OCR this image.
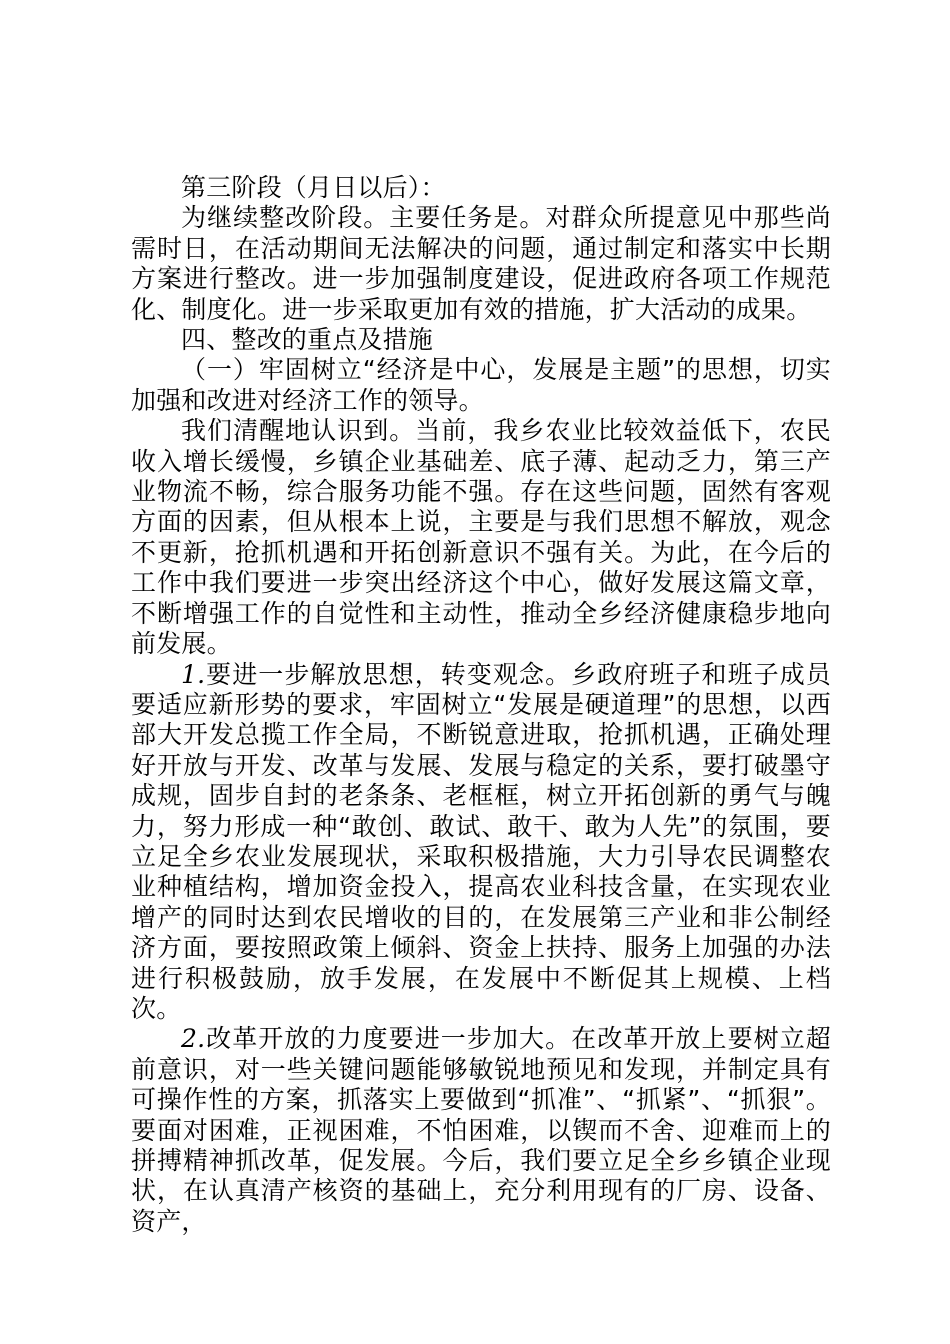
第三阶段（月日以后）：

为继续整改阶段。主要任务是。对群众所提意见中那些尚需时日，在活动期间无法解决的问题，通过制定和落实中长期方案进行整改。进一步加强制度建设，促进政府各项工作规范化、制度化。进一步采取更加有效的措施，扩大活动的成果。

四、整改的重点及措施

（一）牢固树立“经济是中心，发展是主题”的思想，切实加强和改进对经济工作的领导。

我们清醒地认识到。当前，我乡农业比较效益低下，农民收入增长缓慢，乡镇企业基础差、底子薄、起动乏力，第三产业物流不畅，综合服务功能不强。存在这些问题，固然有客观方面的因素，但从根本上说，主要是与我们思想不解放，观念不更新，抢抓机遇和开拓创新意识不强有关。为此，在今后的工作中我们要进一步突出经济这个中心，做好发展这篇文章，不断增强工作的自觉性和主动性，推动全乡经济健康稳步地向前发展。

1.要进一步解放思想，转变观念。乡政府班子和班子成员要适应新形势的要求，牢固树立“发展是硬道理”的思想，以西部大开发总揽工作全局，不断锐意进取，抢抓机遇，正确处理好开放与开发、改革与发展、发展与稳定的关系，要打破墨守成规，固步自封的老条条、老框框，树立开拓创新的勇气与魄力，努力形成一种“敢创、敢试、敢干、敢为人先”的氛围，要立足全乡农业发展现状，采取积极措施，大力引导农民调整农业种植结构，增加资金投入，提高农业科技含量，在实现农业增产的同时达到农民增收的目的，在发展第三产业和非公制经济方面，要按照政策上倾斜、资金上扶持、服务上加强的办法进行积极鼓励，放手发展，在发展中不断促其上规模、上档次。

2.改革开放的力度要进一步加大。在改革开放上要树立超前意识，对一些关键问题能够敏锐地预见和发现，并制定具有可操作性的方案，抓落实上要做到“抓准”、“抓紧”、“抓狠”。要面对困难，正视困难，不怕困难，以锲而不舍、迎难而上的拼搏精神抓改革，促发展。今后，我们要立足全乡乡镇企业现状，在认真清产核资的基础上，充分利用现有的厂房、设备、资产，
